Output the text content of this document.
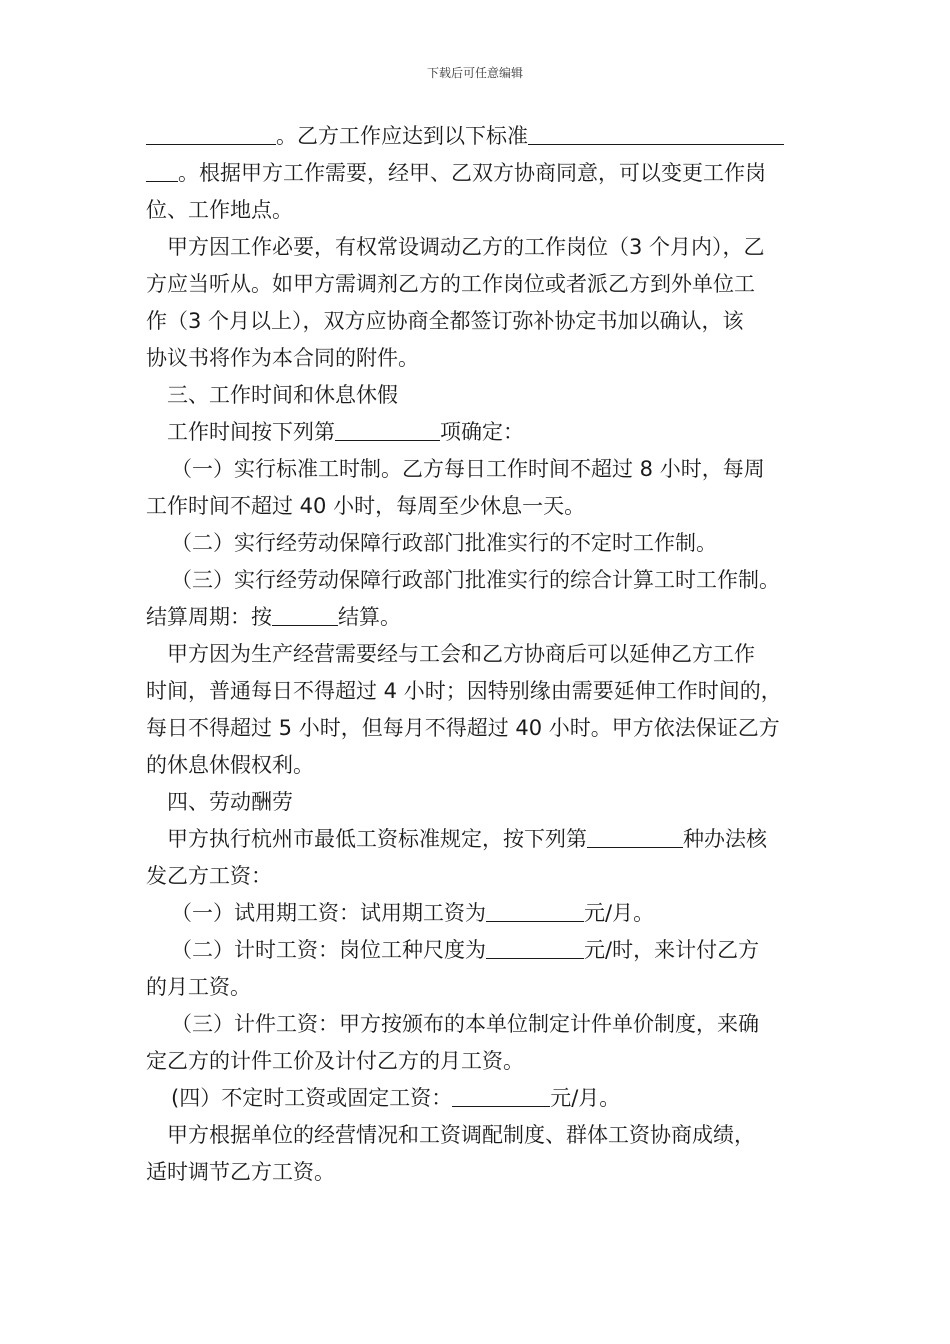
下载后可任意编辑
。乙方工作应达到以下标准
。根据甲方工作需要，经甲、乙双方协商同意，可以变更工作岗
位、工作地点。
甲方因工作必要，有权常设调动乙方的工作岗位（3 个月内），乙
方应当听从。如甲方需调剂乙方的工作岗位或者派乙方到外单位工
作（3 个月以上），双方应协商全都签订弥补协定书加以确认，该
协议书将作为本合同的附件。
三、工作时间和休息休假
工作时间按下列第	项确定：
（一）实行标准工时制。乙方每日工作时间不超过 8 小时，每周
工作时间不超过 40 小时，每周至少休息一天。
（二）实行经劳动保障行政部门批准实行的不定时工作制。
（三）实行经劳动保障行政部门批准实行的综合计算工时工作制。
结算周期：按	结算。
甲方因为生产经营需要经与工会和乙方协商后可以延伸乙方工作
时间，普通每日不得超过 4 小时；因特别缘由需要延伸工作时间的，
每日不得超过 5 小时，但每月不得超过 40 小时。甲方依法保证乙方
的休息休假权利。
四、劳动酬劳
甲方执行杭州市最低工资标准规定，按下列第	种办法核
发乙方工资：
（一）试用期工资：试用期工资为	元/月。
（二）计时工资：岗位工种尺度为	元/时，来计付乙方
的月工资。
（三）计件工资：甲方按颁布的本单位制定计件单价制度，来确
定乙方的计件工价及计付乙方的月工资。
(四）不定时工资或固定工资：	元/月。
甲方根据单位的经营情况和工资调配制度、群体工资协商成绩，
适时调节乙方工资。
